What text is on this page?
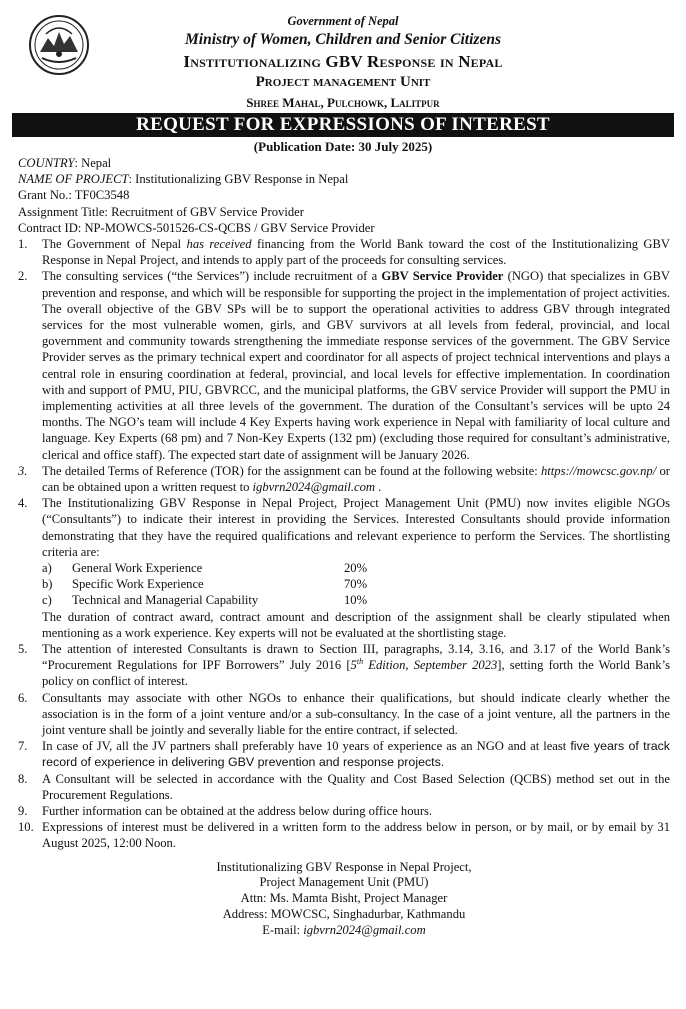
Government of Nepal
Ministry of Women, Children and Senior Citizens
Institutionalizing GBV Response in Nepal
Project management Unit
Shree Mahal, Pulchowk, Lalitpur
REQUEST FOR EXPRESSIONS OF INTEREST
(Publication Date: 30 July 2025)
COUNTRY: Nepal
NAME OF PROJECT: Institutionalizing GBV Response in Nepal
Grant No.: TF0C3548
Assignment Title: Recruitment of GBV Service Provider
Contract ID: NP-MOWCS-501526-CS-QCBS / GBV Service Provider
1. The Government of Nepal has received financing from the World Bank toward the cost of the Institutionalizing GBV Response in Nepal Project, and intends to apply part of the proceeds for consulting services.
2. The consulting services (“the Services”) include recruitment of a GBV Service Provider (NGO) that specializes in GBV prevention and response, and which will be responsible for supporting the project in the implementation of project activities. The overall objective of the GBV SPs will be to support the operational activities to address GBV through integrated services for the most vulnerable women, girls, and GBV survivors at all levels from federal, provincial, and local government and community towards strengthening the immediate response services of the government. The GBV Service Provider serves as the primary technical expert and coordinator for all aspects of project technical interventions and plays a central role in ensuring coordination at federal, provincial, and local levels for effective implementation. In coordination with and support of PMU, PIU, GBVRCC, and the municipal platforms, the GBV service Provider will support the PMU in implementing activities at all three levels of the government. The duration of the Consultant’s services will be upto 24 months. The NGO’s team will include 4 Key Experts having work experience in Nepal with familiarity of local culture and language. Key Experts (68 pm) and 7 Non-Key Experts (132 pm) (excluding those required for consultant’s administrative, clerical and office staff). The expected start date of assignment will be January 2026.
3. The detailed Terms of Reference (TOR) for the assignment can be found at the following website: https://mowcsc.gov.np/ or can be obtained upon a written request to igbvrn2024@gmail.com .
4. The Institutionalizing GBV Response in Nepal Project, Project Management Unit (PMU) now invites eligible NGOs (“Consultants”) to indicate their interest in providing the Services. Interested Consultants should provide information demonstrating that they have the required qualifications and relevant experience to perform the Services. The shortlisting criteria are:
a) General Work Experience	20%
b) Specific Work Experience	70%
c) Technical and Managerial Capability	10%
The duration of contract award, contract amount and description of the assignment shall be clearly stipulated when mentioning as a work experience. Key experts will not be evaluated at the shortlisting stage.
5. The attention of interested Consultants is drawn to Section III, paragraphs, 3.14, 3.16, and 3.17 of the World Bank’s “Procurement Regulations for IPF Borrowers” July 2016 [5th Edition, September 2023], setting forth the World Bank’s policy on conflict of interest.
6. Consultants may associate with other NGOs to enhance their qualifications, but should indicate clearly whether the association is in the form of a joint venture and/or a sub-consultancy. In the case of a joint venture, all the partners in the joint venture shall be jointly and severally liable for the entire contract, if selected.
7. In case of JV, all the JV partners shall preferably have 10 years of experience as an NGO and at least five years of track record of experience in delivering GBV prevention and response projects.
8. A Consultant will be selected in accordance with the Quality and Cost Based Selection (QCBS) method set out in the Procurement Regulations.
9. Further information can be obtained at the address below during office hours.
10. Expressions of interest must be delivered in a written form to the address below in person, or by mail, or by email by 31 August 2025, 12:00 Noon.
Institutionalizing GBV Response in Nepal Project,
Project Management Unit (PMU)
Attn: Ms. Mamta Bisht, Project Manager
Address: MOWCSC, Singhadurbar, Kathmandu
E-mail: igbvrn2024@gmail.com
